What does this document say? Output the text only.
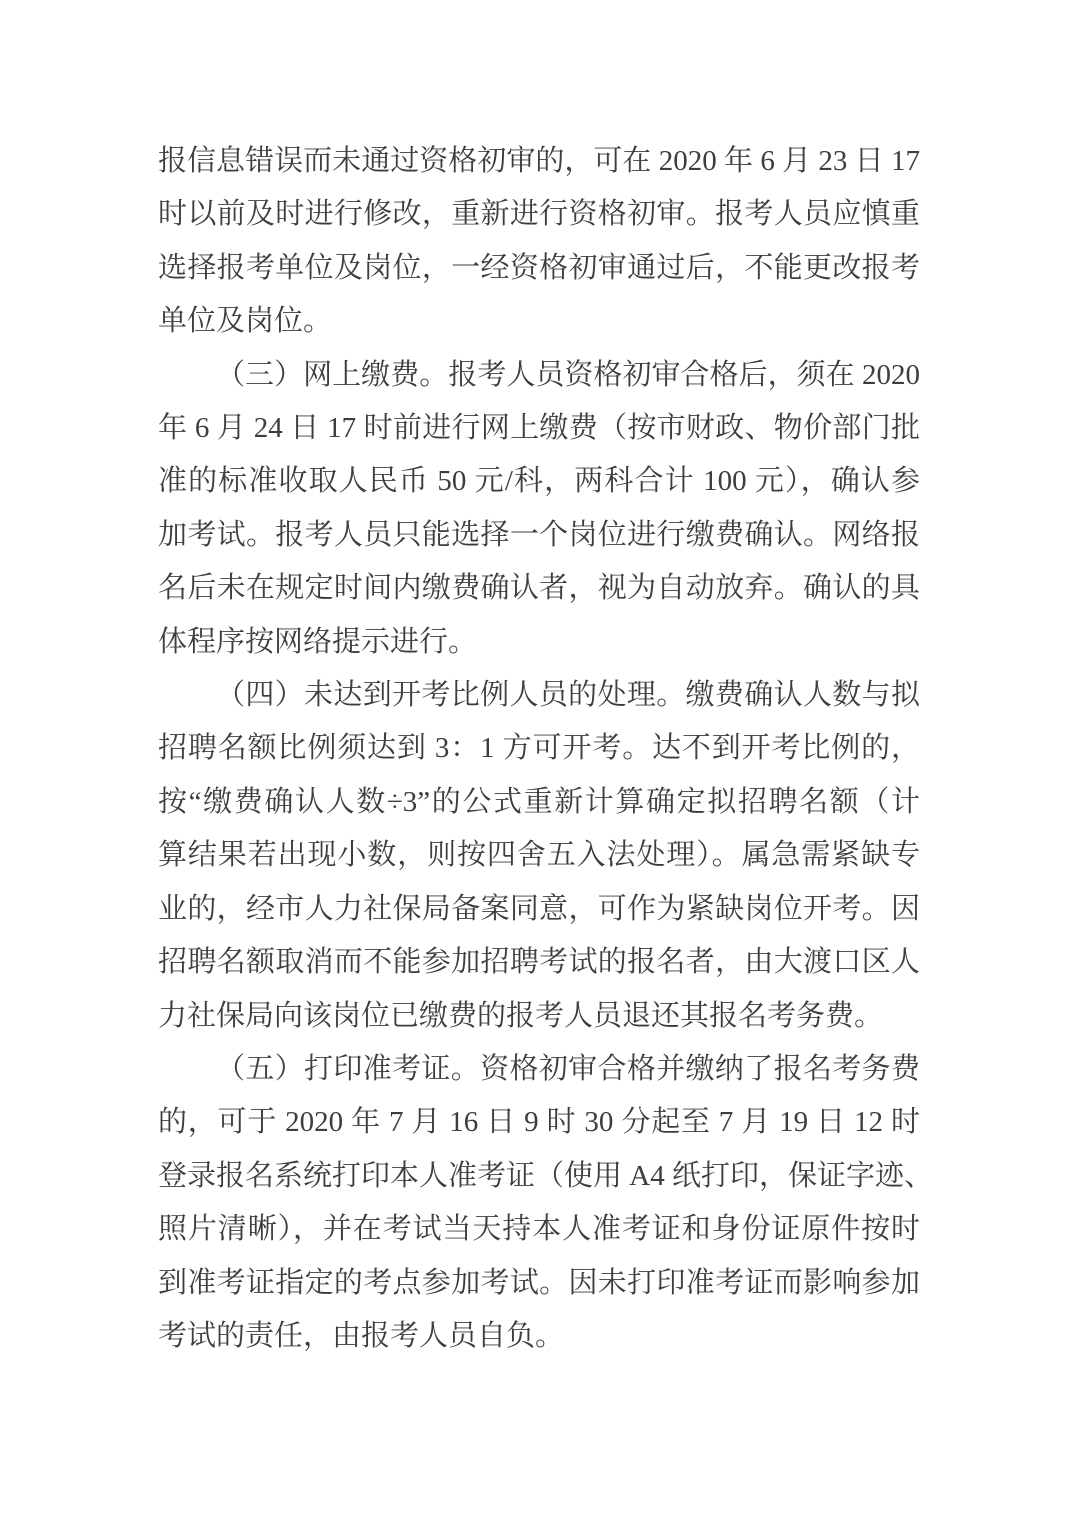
报信息错误而未通过资格初审的，可在 2020 年 6 月 23 日 17
时以前及时进行修改，重新进行资格初审。报考人员应慎重
选择报考单位及岗位，一经资格初审通过后，不能更改报考
单位及岗位。
（三）网上缴费。报考人员资格初审合格后，须在 2020
年 6 月 24 日 17 时前进行网上缴费（按市财政、物价部门批
准的标准收取人民币 50 元/科，两科合计 100 元），确认参
加考试。报考人员只能选择一个岗位进行缴费确认。网络报
名后未在规定时间内缴费确认者，视为自动放弃。确认的具
体程序按网络提示进行。
（四）未达到开考比例人员的处理。缴费确认人数与拟
招聘名额比例须达到 3：1 方可开考。达不到开考比例的，
按“缴费确认人数÷3”的公式重新计算确定拟招聘名额（计
算结果若出现小数，则按四舍五入法处理）。属急需紧缺专
业的，经市人力社保局备案同意，可作为紧缺岗位开考。因
招聘名额取消而不能参加招聘考试的报名者，由大渡口区人
力社保局向该岗位已缴费的报考人员退还其报名考务费。
（五）打印准考证。资格初审合格并缴纳了报名考务费
的，可于 2020 年 7 月 16 日 9 时 30 分起至 7 月 19 日 12 时
登录报名系统打印本人准考证（使用 A4 纸打印，保证字迹、
照片清晰），并在考试当天持本人准考证和身份证原件按时
到准考证指定的考点参加考试。因未打印准考证而影响参加
考试的责任，由报考人员自负。
